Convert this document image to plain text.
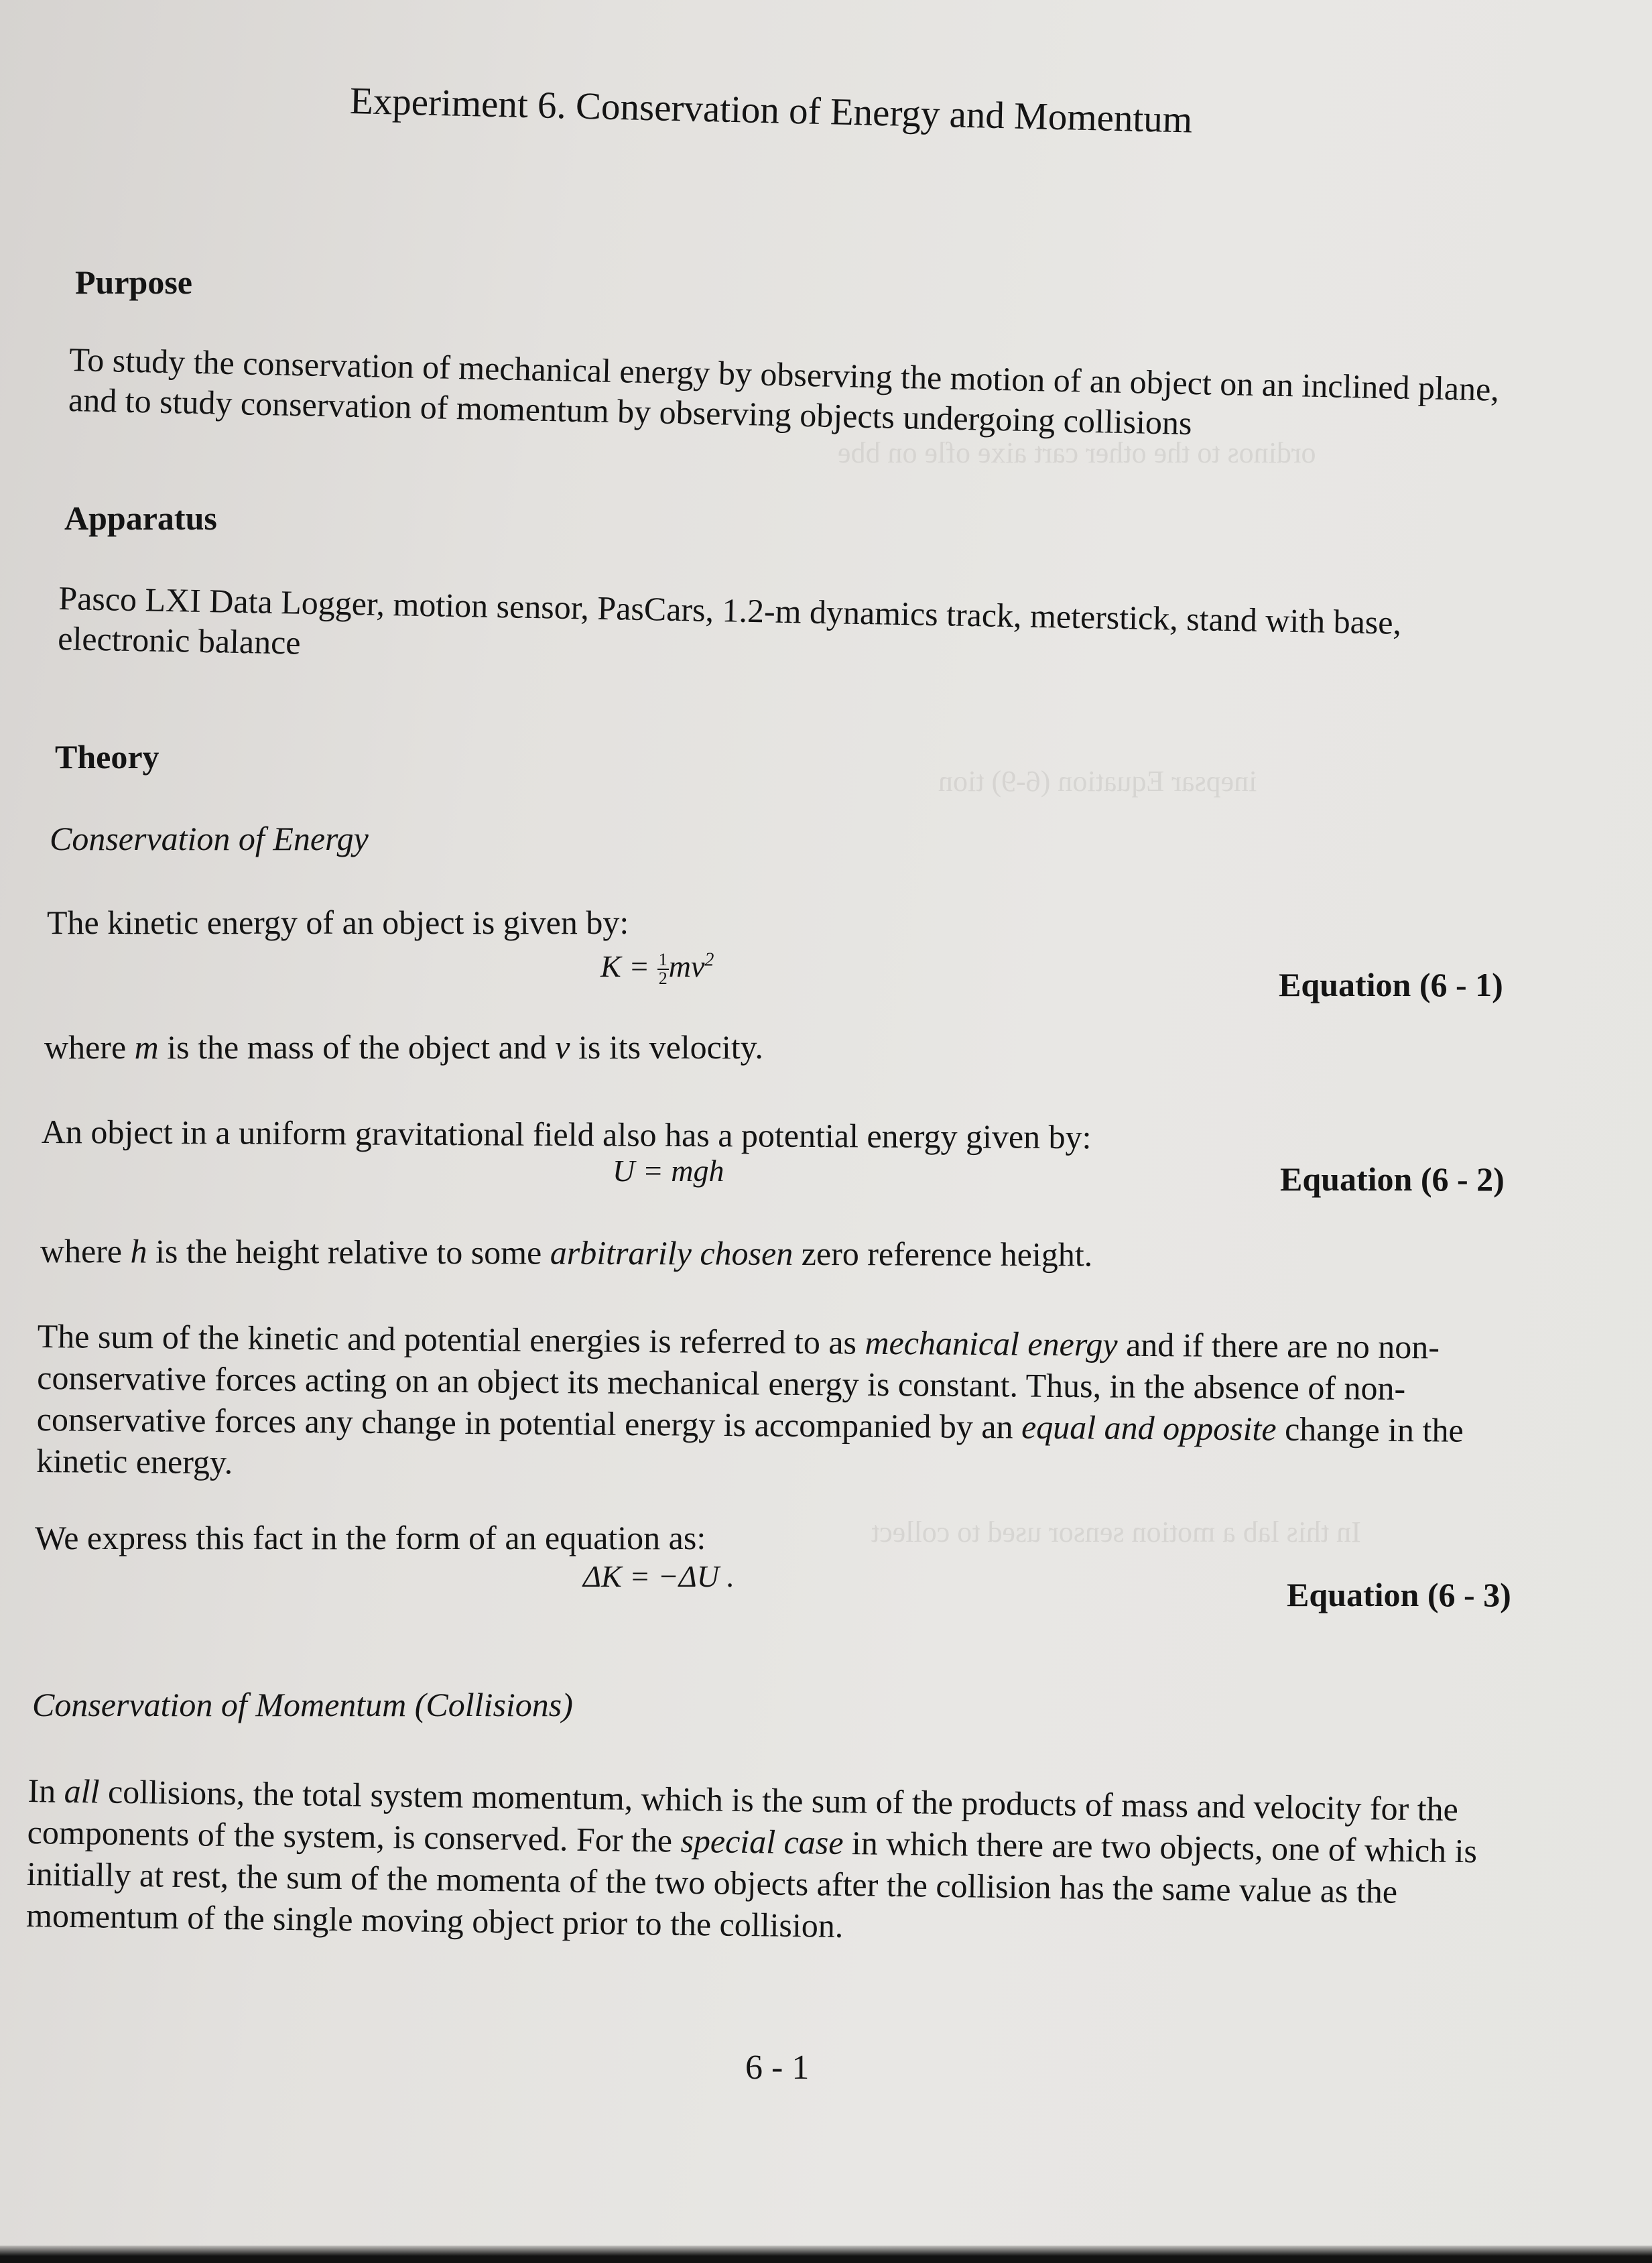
ordinos to the other cart aixe ofle on bbe
inepsar Equation (6-9) tion
In this lab a motion sensor used to collect
Experiment 6. Conservation of Energy and Momentum
Purpose

To study the conservation of mechanical energy by observing the motion of an object on an inclined plane, and to study conservation of momentum by observing objects undergoing collisions

Apparatus

Pasco LXI Data Logger, motion sensor, PasCars, 1.2-m dynamics track, meterstick, stand with base, electronic balance

Theory
Conservation of Energy

The kinetic energy of an object is given by:

$K = \frac{1}{2} mv^2$
Equation (6 - 1)

where m is the mass of the object and v is its velocity.

An object in a uniform gravitational field also has a potential energy given by:

U = mgh	Equation (6 - 2)

where h is the height relative to some arbitrarily chosen zero reference height.

The sum of the kinetic and potential energies is referred to as mechanical energy and if there are no non-conservative forces acting on an object its mechanical energy is constant. Thus, in the absence of non-conservative forces any change in potential energy is accompanied by an equal and opposite change in the kinetic energy.

We express this fact in the form of an equation as:

ΔK = −ΔU .	Equation (6 - 3)
Conservation of Momentum (Collisions)

In all collisions, the total system momentum, which is the sum of the products of mass and velocity for the components of the system, is conserved. For the special case in which there are two objects, one of which is initially at rest, the sum of the momenta of the two objects after the collision has the same value as the momentum of the single moving object prior to the collision.

6 - 1
